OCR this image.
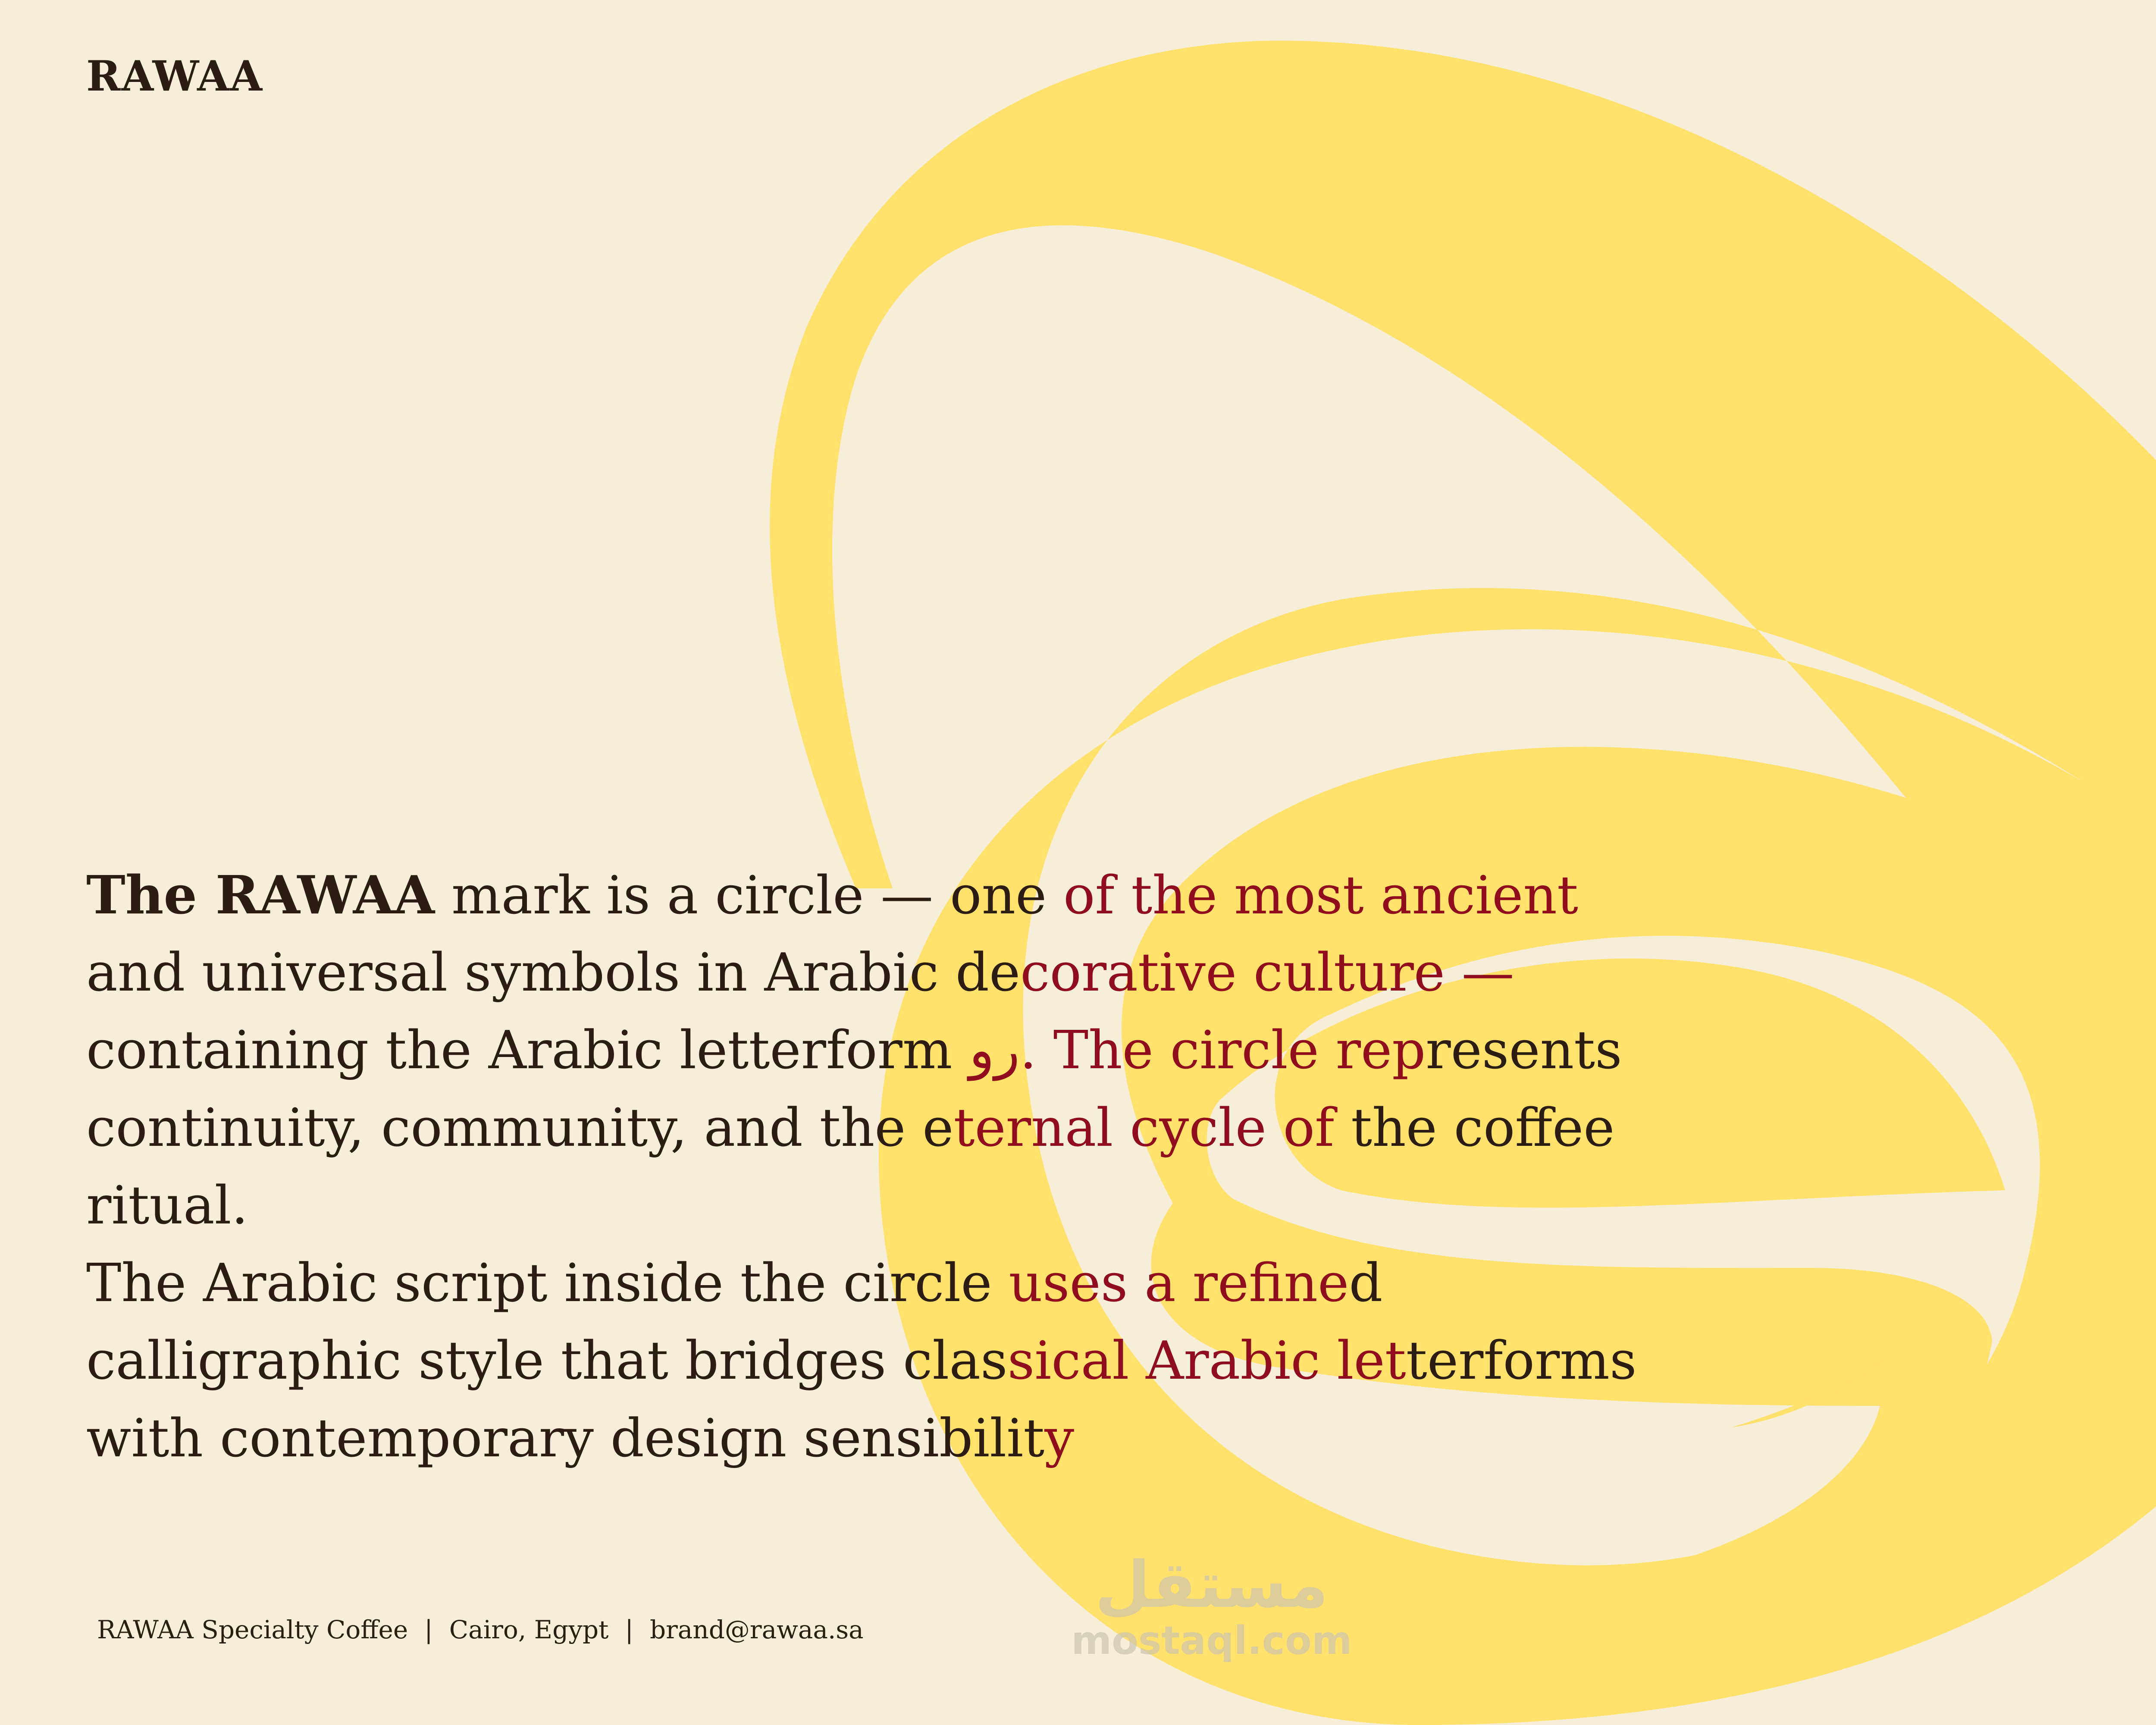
مستقل
mostaql.com
RAWAA
The RAWAA mark is a circle — one of the most ancient
and universal symbols in Arabic decorative culture —
containing the Arabic letterform رو. The circle represents
continuity, community, and the eternal cycle of the coffee
ritual.
The Arabic script inside the circle uses a refined
calligraphic style that bridges classical Arabic letterforms
with contemporary design sensibility
RAWAA Specialty Coffee | Cairo, Egypt | brand@rawaa.sa
